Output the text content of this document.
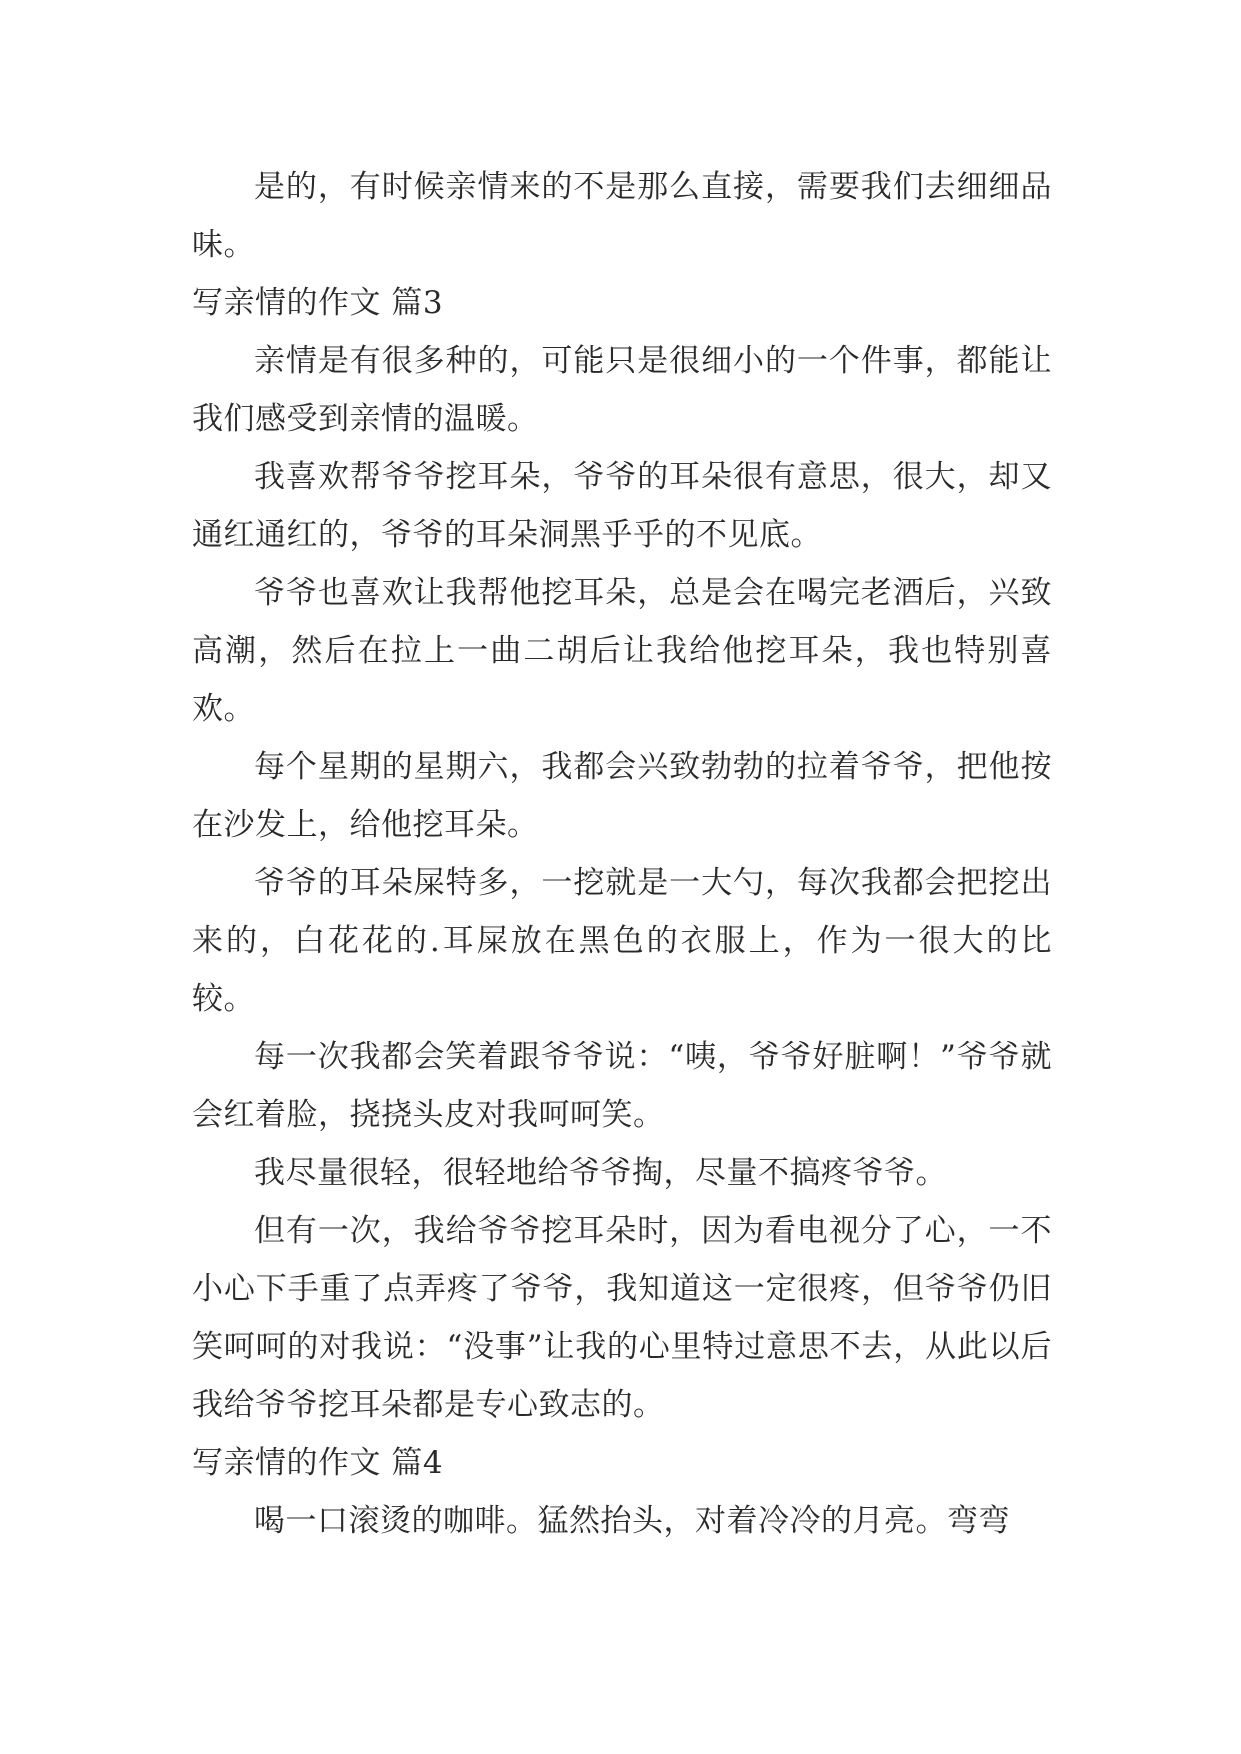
是的，有时候亲情来的不是那么直接，需要我们去细细品味。

写亲情的作文 篇3

亲情是有很多种的，可能只是很细小的一个件事，都能让我们感受到亲情的温暖。

我喜欢帮爷爷挖耳朵，爷爷的耳朵很有意思，很大，却又通红通红的，爷爷的耳朵洞黑乎乎的不见底。

爷爷也喜欢让我帮他挖耳朵，总是会在喝完老酒后，兴致高潮，然后在拉上一曲二胡后让我给他挖耳朵，我也特别喜欢。

每个星期的星期六，我都会兴致勃勃的拉着爷爷，把他按在沙发上，给他挖耳朵。

爷爷的耳朵屎特多，一挖就是一大勺，每次我都会把挖出来的，白花花的.耳屎放在黑色的衣服上，作为一很大的比较。

每一次我都会笑着跟爷爷说：“咦，爷爷好脏啊！”爷爷就会红着脸，挠挠头皮对我呵呵笑。

我尽量很轻，很轻地给爷爷掏，尽量不搞疼爷爷。

但有一次，我给爷爷挖耳朵时，因为看电视分了心，一不小心下手重了点弄疼了爷爷，我知道这一定很疼，但爷爷仍旧笑呵呵的对我说：“没事”让我的心里特过意思不去，从此以后我给爷爷挖耳朵都是专心致志的。

写亲情的作文 篇4

喝一口滚烫的咖啡。猛然抬头，对着冷冷的月亮。弯弯
